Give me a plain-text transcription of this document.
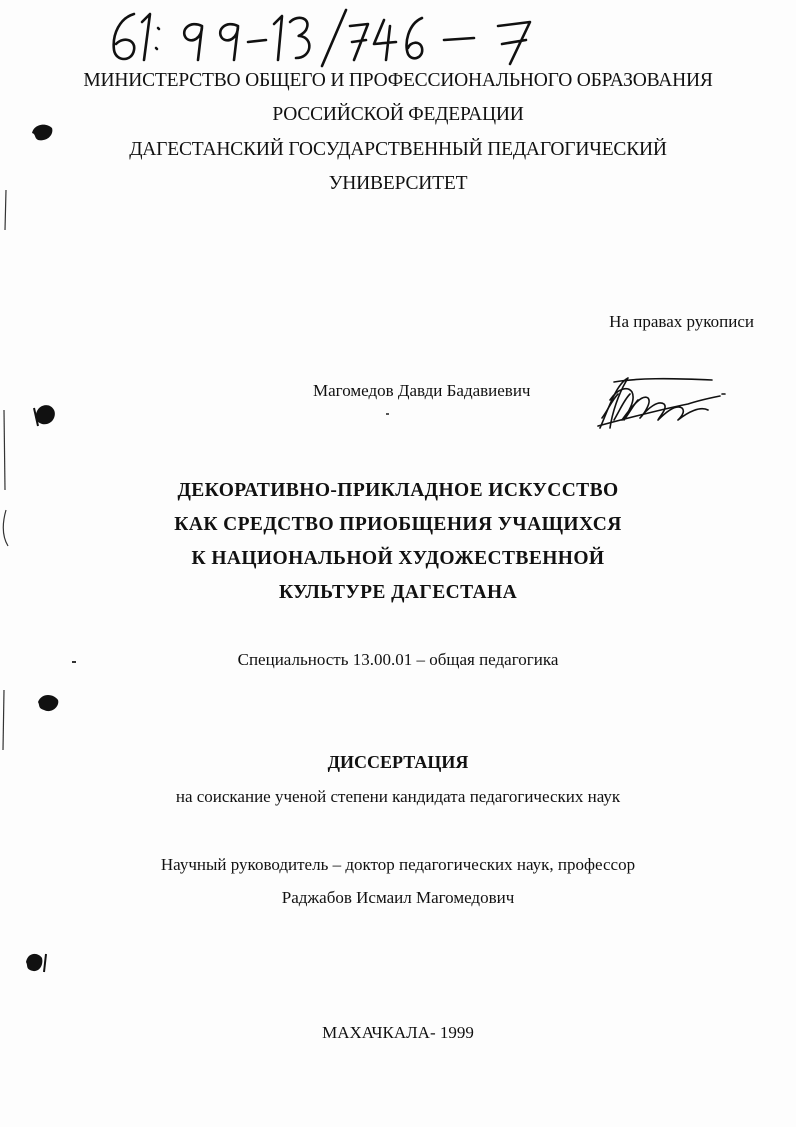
МИНИСТЕРСТВО ОБЩЕГО И ПРОФЕССИОНАЛЬНОГО ОБРАЗОВАНИЯ
РОССИЙСКОЙ ФЕДЕРАЦИИ
ДАГЕСТАНСКИЙ ГОСУДАРСТВЕННЫЙ ПЕДАГОГИЧЕСКИЙ
УНИВЕРСИТЕТ
На правах рукописи
Магомедов Давди Бадавиевич
ДЕКОРАТИВНО-ПРИКЛАДНОЕ ИСКУССТВО
КАК СРЕДСТВО ПРИОБЩЕНИЯ УЧАЩИХСЯ
К НАЦИОНАЛЬНОЙ ХУДОЖЕСТВЕННОЙ
КУЛЬТУРЕ ДАГЕСТАНА
Специальность 13.00.01 – общая педагогика
ДИССЕРТАЦИЯ
на соискание ученой степени кандидата педагогических наук
Научный руководитель – доктор педагогических наук, профессор
Раджабов Исмаил Магомедович
МАХАЧКАЛА- 1999
